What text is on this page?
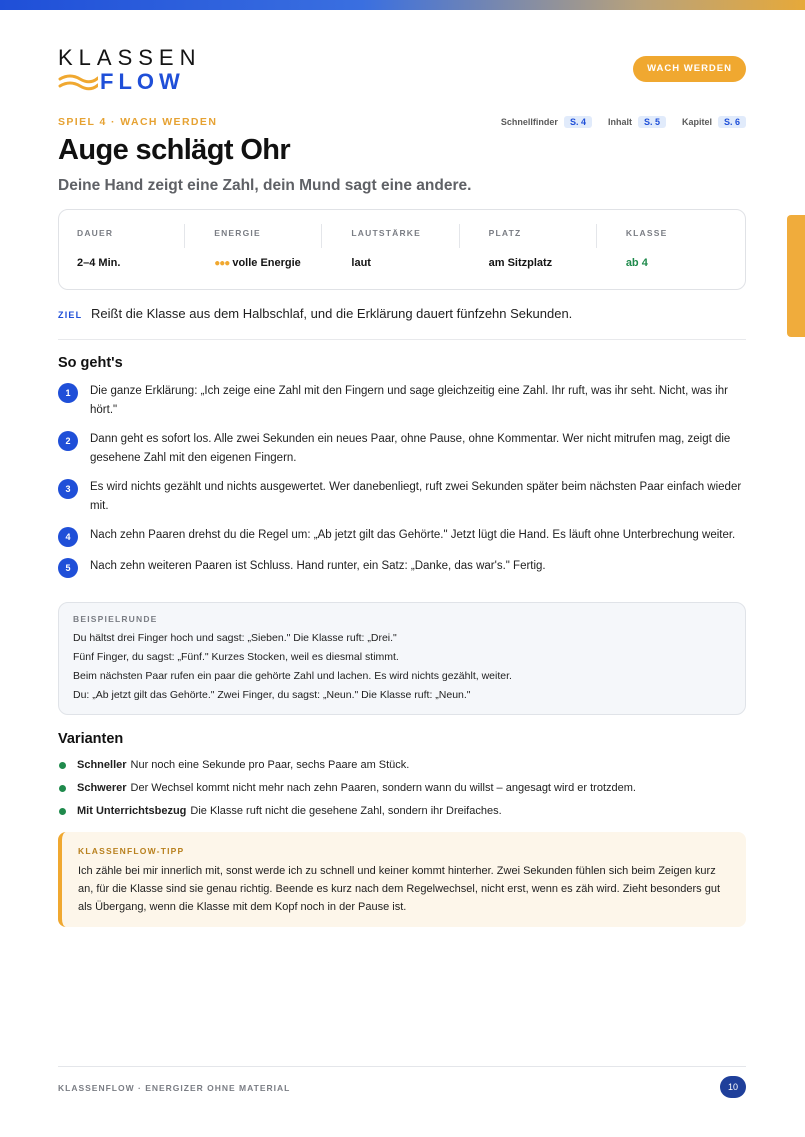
KLASSEN
FLOW
WACH WERDEN
SPIEL 4 · WACH WERDEN	Schnellfinder	S. 4	Inhalt	S. 5	Kapitel	S. 6
Auge schlägt Ohr
Deine Hand zeigt eine Zahl, dein Mund sagt eine andere.
DAUER
2–4 Min.
ENERGIE
●●● volle Energie
LAUTSTÄRKE
laut
PLATZ
am Sitzplatz
KLASSE
ab 4
ZIEL Reißt die Klasse aus dem Halbschlaf, und die Erklärung dauert fünfzehn Sekunden.
So geht's
1	Die ganze Erklärung: „Ich zeige eine Zahl mit den Fingern und sage gleichzeitig eine Zahl. Ihr ruft, was ihr seht. Nicht, was ihr hört."
2	Dann geht es sofort los. Alle zwei Sekunden ein neues Paar, ohne Pause, ohne Kommentar. Wer nicht mitrufen mag, zeigt die gesehene Zahl mit den eigenen Fingern.
3	Es wird nichts gezählt und nichts ausgewertet. Wer danebenliegt, ruft zwei Sekunden später beim nächsten Paar einfach wieder mit.
4	Nach zehn Paaren drehst du die Regel um: „Ab jetzt gilt das Gehörte." Jetzt lügt die Hand. Es läuft ohne Unterbrechung weiter.
5	Nach zehn weiteren Paaren ist Schluss. Hand runter, ein Satz: „Danke, das war's." Fertig.
BEISPIELRUNDE
Du hältst drei Finger hoch und sagst: „Sieben." Die Klasse ruft: „Drei."
Fünf Finger, du sagst: „Fünf." Kurzes Stocken, weil es diesmal stimmt.
Beim nächsten Paar rufen ein paar die gehörte Zahl und lachen. Es wird nichts gezählt, weiter.
Du: „Ab jetzt gilt das Gehörte." Zwei Finger, du sagst: „Neun." Die Klasse ruft: „Neun."
Varianten
Schneller Nur noch eine Sekunde pro Paar, sechs Paare am Stück.
Schwerer Der Wechsel kommt nicht mehr nach zehn Paaren, sondern wann du willst – angesagt wird er trotzdem.
Mit Unterrichtsbezug Die Klasse ruft nicht die gesehene Zahl, sondern ihr Dreifaches.
KLASSENFLOW-TIPP
Ich zähle bei mir innerlich mit, sonst werde ich zu schnell und keiner kommt hinterher. Zwei Sekunden fühlen sich beim Zeigen kurz an, für die Klasse sind sie genau richtig. Beende es kurz nach dem Regelwechsel, nicht erst, wenn es zäh wird. Zieht besonders gut als Übergang, wenn die Klasse mit dem Kopf noch in der Pause ist.
KLASSENFLOW · ENERGIZER OHNE MATERIAL	10
